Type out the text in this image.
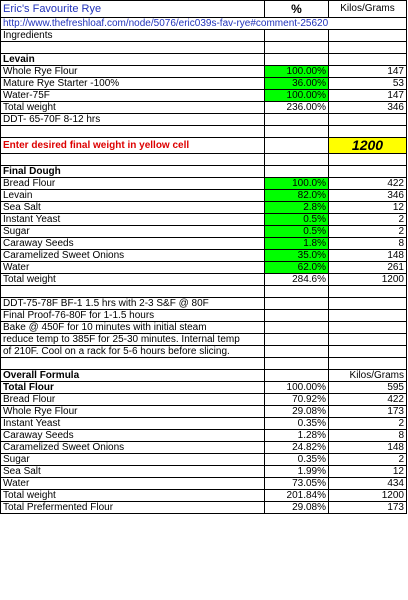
Eric's Favourite Rye	%	Kilos/Grams
http://www.thefreshloaf.com/node/5076/eric039s-fav-rye#comment-25620		
Ingredients		

Levain		
Whole Rye Flour	100.00%	147
Mature Rye Starter -100%	36.00%	53
Water-75F	100.00%	147
Total weight	236.00%	346
DDT- 65-70F 8-12 hrs		

Enter desired final weight in yellow cell		1200

Final Dough		
Bread Flour	100.0%	422
Levain	82.0%	346
Sea Salt	2.8%	12
Instant Yeast	0.5%	2
Sugar	0.5%	2
Caraway Seeds	1.8%	8
Caramelized Sweet Onions	35.0%	148
Water	62.0%	261
Total weight	284.6%	1200

DDT-75-78F BF-1 1.5 hrs with 2-3 S&F @ 80F		
Final Proof-76-80F for 1-1.5 hours		
Bake @ 450F for 10 minutes with initial steam		
reduce temp to 385F for 25-30 minutes. Internal temp		
of 210F. Cool on a rack for 5-6 hours before slicing.		

Overall Formula		Kilos/Grams
Total Flour	100.00%	595
Bread Flour	70.92%	422
Whole Rye Flour	29.08%	173
Instant Yeast	0.35%	2
Caraway Seeds	1.28%	8
Caramelized Sweet Onions	24.82%	148
Sugar	0.35%	2
Sea Salt	1.99%	12
Water	73.05%	434
Total weight	201.84%	1200
Total Prefermented Flour	29.08%	173
